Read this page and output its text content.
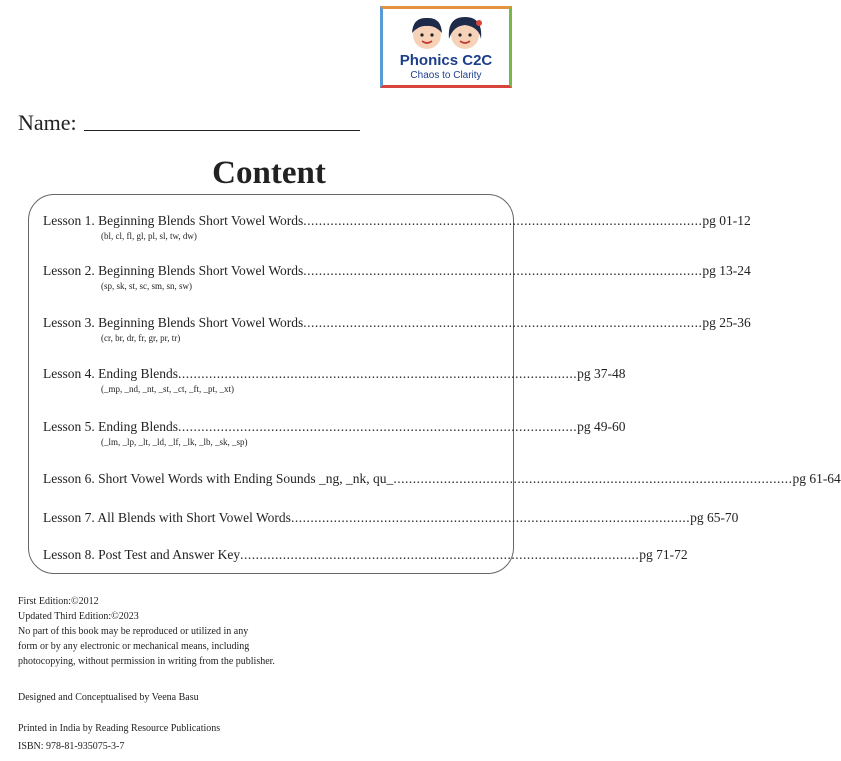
Phonics C2C
Chaos to Clarity
Name:
Content
Lesson 1. Beginning Blends Short Vowel Words ....................................................................................................... pg 01-12
(bl, cl, fl, gl, pl, sl, tw, dw)
Lesson 2. Beginning Blends Short Vowel Words ....................................................................................................... pg 13-24
(sp, sk, st, sc, sm, sn, sw)
Lesson 3. Beginning Blends Short Vowel Words ....................................................................................................... pg 25-36
(cr, br, dr, fr, gr, pr, tr)
Lesson 4. Ending Blends ....................................................................................................... pg 37-48
(_mp, _nd, _nt, _st, _ct, _ft, _pt, _xt)
Lesson 5. Ending Blends ....................................................................................................... pg 49-60
(_lm, _lp, _lt, _ld, _lf, _lk, _lb, _sk, _sp)
Lesson 6. Short Vowel Words with Ending Sounds _ng, _nk, qu_ ....................................................................................................... pg 61-64
Lesson 7. All Blends with Short Vowel Words ....................................................................................................... pg 65-70
Lesson 8. Post Test and Answer Key ....................................................................................................... pg 71-72
First Edition:©2012
Updated Third Edition:©2023
No part of this book may be reproduced or utilized in any
form or by any electronic or mechanical means, including
photocopying, without permission in writing from the publisher.
Designed and Conceptualised by Veena Basu
Printed in India by Reading Resource Publications
ISBN: 978-81-935075-3-7
